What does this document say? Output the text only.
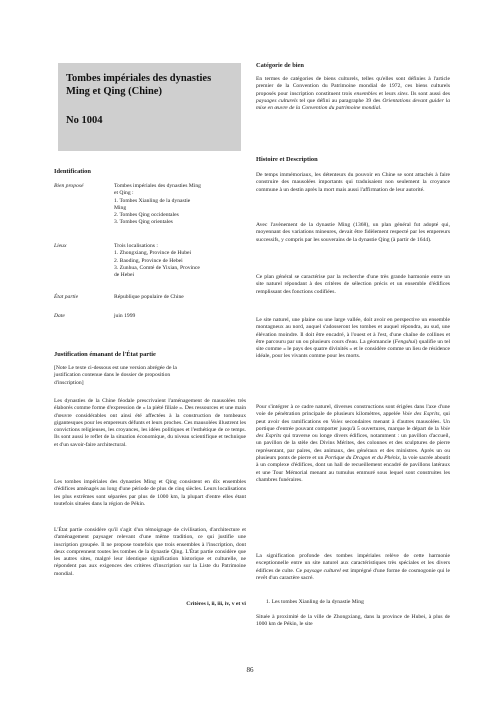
Tombes impériales des dynasties
Ming et Qing (Chine)
No 1004
Identification
Bien proposé	Tombes impériales des dynasties Ming
et Qing :
1. Tombes Xianling de la dynastie
Ming
2. Tombes Qing occidentales
3. Tombes Qing orientales
Lieux	Trois localisations :
1. Zhongxiang, Province de Hubei
2. Baoding, Province de Hebei
3. Zunhua, Comté de Yixian, Province
de Hebei
État partie	République populaire de Chine
Date	juin 1999
Justification émanant de l'État partie
[Note Le texte ci-dessous est une version abrégée de la
justification contenue dans le dossier de proposition
d'inscription]

Les dynasties de la Chine féodale prescrivaient l'aménagement de mausolées très élaborés comme forme d'expression de « la piété filiale ». Des ressources et une main d'œuvre considérables ont ainsi été affectées à la construction de tombeaux gigantesques pour les empereurs défunts et leurs proches. Ces mausolées illustrent les convictions religieuses, les croyances, les idées politiques et l'esthétique de ce temps. Ils sont aussi le reflet de la situation économique, du niveau scientifique et technique et d'un savoir-faire architectural.

Les tombes impériales des dynasties Ming et Qing consistent en dix ensembles d'édifices aménagés au long d'une période de plus de cinq siècles. Leurs localisations les plus extrêmes sont séparées par plus de 1000 km, la plupart d'entre elles étant toutefois situées dans la région de Pékin.

L'État partie considère qu'il s'agit d'un témoignage de civilisation, d'architecture et d'aménagement paysager relevant d'une même tradition, ce qui justifie une inscription groupée. Il ne propose toutefois que trois ensembles à l'inscription, dont deux comprennent toutes les tombes de la dynastie Qing. L'État partie considère que les autres sites, malgré leur identique signification historique et culturelle, ne répondent pas aux exigences des critères d'inscription sur la Liste du Patrimoine mondial.

Critères i, ii, iii, iv, v et vi
Catégorie de bien

En termes de catégories de biens culturels, telles qu'elles sont définies à l'article premier de la Convention du Patrimoine mondial de 1972, ces biens culturels proposés pour inscription constituent trois ensembles et leurs sites. Ils sont aussi des paysages culturels tel que défini au paragraphe 39 des Orientations devant guider la mise en œuvre de la Convention du patrimoine mondial.

Histoire et Description

De temps immémoriaux, les détenteurs du pouvoir en Chine se sont attachés à faire construire des mausolées importants qui traduisaient non seulement la croyance commune à un destin après la mort mais aussi l'affirmation de leur autorité.

Avec l'avènement de la dynastie Ming (1368), un plan général fut adopté qui, moyennant des variations mineures, devait être fidèlement respecté par les empereurs successifs, y compris par les souverains de la dynastie Qing (à partir de 1644).

Ce plan général se caractérise par la recherche d'une très grande harmonie entre un site naturel répondant à des critères de sélection précis et un ensemble d'édifices remplissant des fonctions codifiées.

Le site naturel, une plaine ou une large vallée, doit avoir en perspective un ensemble montagneux au nord, auquel s'adosseront les tombes et auquel répondra, au sud, une élévation moindre. Il doit être encadré, à l'ouest et à l'est, d'une chaîne de collines et être parcouru par un ou plusieurs cours d'eau. La géomancie (Fengshui) qualifie un tel site comme « le pays des quatre divinités » et le considère comme un lieu de résidence idéale, pour les vivants comme pour les morts.

Pour s'intégrer à ce cadre naturel, diverses constructions sont érigées dans l'axe d'une voie de pénétration principale de plusieurs kilomètres, appelée Voie des Esprits, qui peut avoir des ramifications en Voies secondaires menant à d'autres mausolées. Un portique d'entrée pouvant comporter jusqu'à 5 ouvertures, marque le départ de la Voie des Esprits qui traverse ou longe divers édifices, notamment : un pavillon d'accueil, un pavillon de la stèle des Divins Mérites, des colonnes et des sculptures de pierre représentant, par paires, des animaux, des généraux et des ministres. Après un ou plusieurs ponts de pierre et un Portique du Dragon et du Phénix, la voie sacrée aboutit à un complexe d'édifices, dont un hall de recueillement encadré de pavillons latéraux et une Tour Mémorial menant au tumulus emmuré sous lequel sont construites les chambres funéraires.

La signification profonde des tombes impériales relève de cette harmonie exceptionnelle entre un site naturel aux caractéristiques très spéciales et les divers édifices de culte. Ce paysage culturel est imprégné d'une forme de cosmogonie qui le revêt d'un caractère sacré.

1. Les tombes Xianling de la dynastie Ming

Située à proximité de la ville de Zhongxiang, dans la province de Hubei, à plus de 1000 km de Pékin, le site

86
